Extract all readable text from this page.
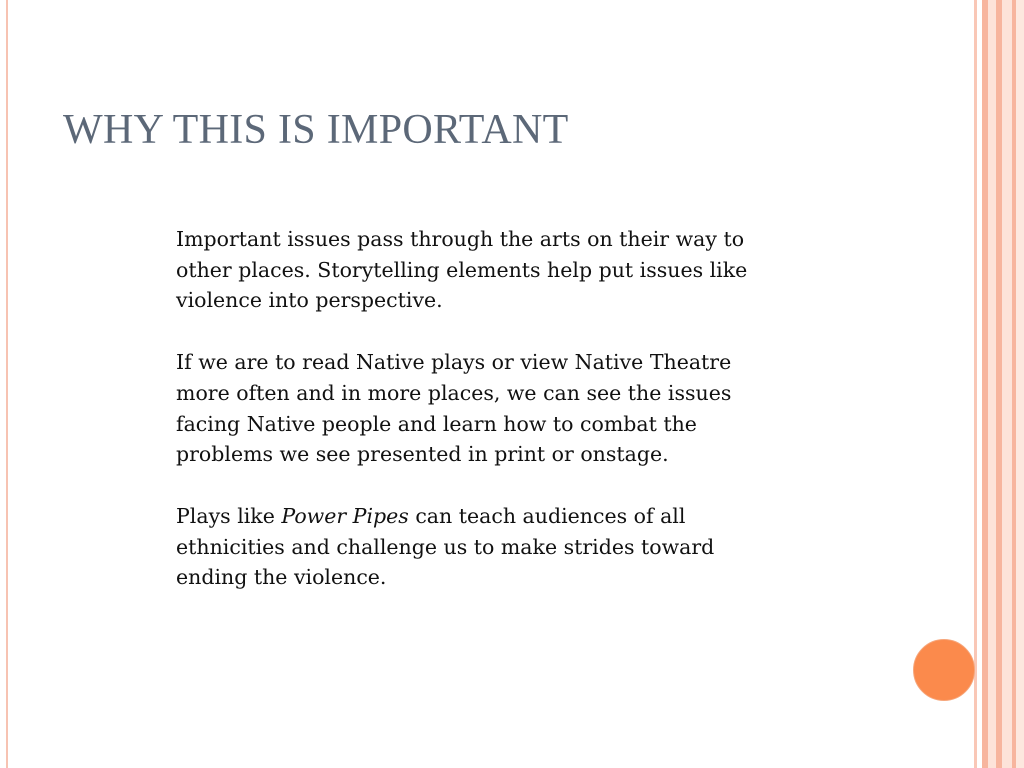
WHY THIS IS IMPORTANT

Important issues pass through the arts on their way to
other places. Storytelling elements help put issues like
violence into perspective.

If we are to read Native plays or view Native Theatre
more often and in more places, we can see the issues
facing Native people and learn how to combat the
problems we see presented in print or onstage.

Plays like Power Pipes can teach audiences of all
ethnicities and challenge us to make strides toward
ending the violence.
